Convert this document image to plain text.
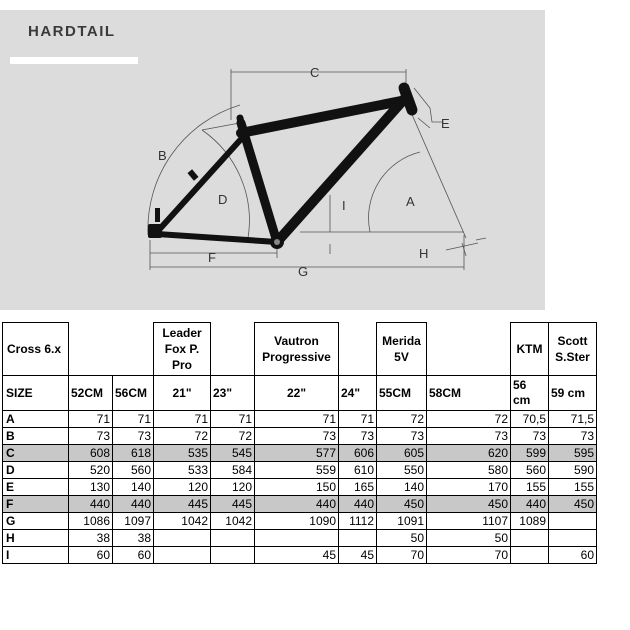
HARDTAIL
C
B
D
E
I	A
F
G
H
Cross 6.x			Leader Fox P. Pro		Vautron Progressive		Merida 5V		KTM	Scott S.Ster
SIZE	52CM	56CM	21"	23"	22"	24"	55CM	58CM	56 cm	59 cm
A	71	71	71	71	71	71	72	72	70,5	71,5
B	73	73	72	72	73	73	73	73	73	73
C	608	618	535	545	577	606	605	620	599	595
D	520	560	533	584	559	610	550	580	560	590
E	130	140	120	120	150	165	140	170	155	155
F	440	440	445	445	440	440	450	450	440	450
G	1086	1097	1042	1042	1090	1112	1091	1107	1089	
H	38	38					50	50		
I	60	60			45	45	70	70		60
